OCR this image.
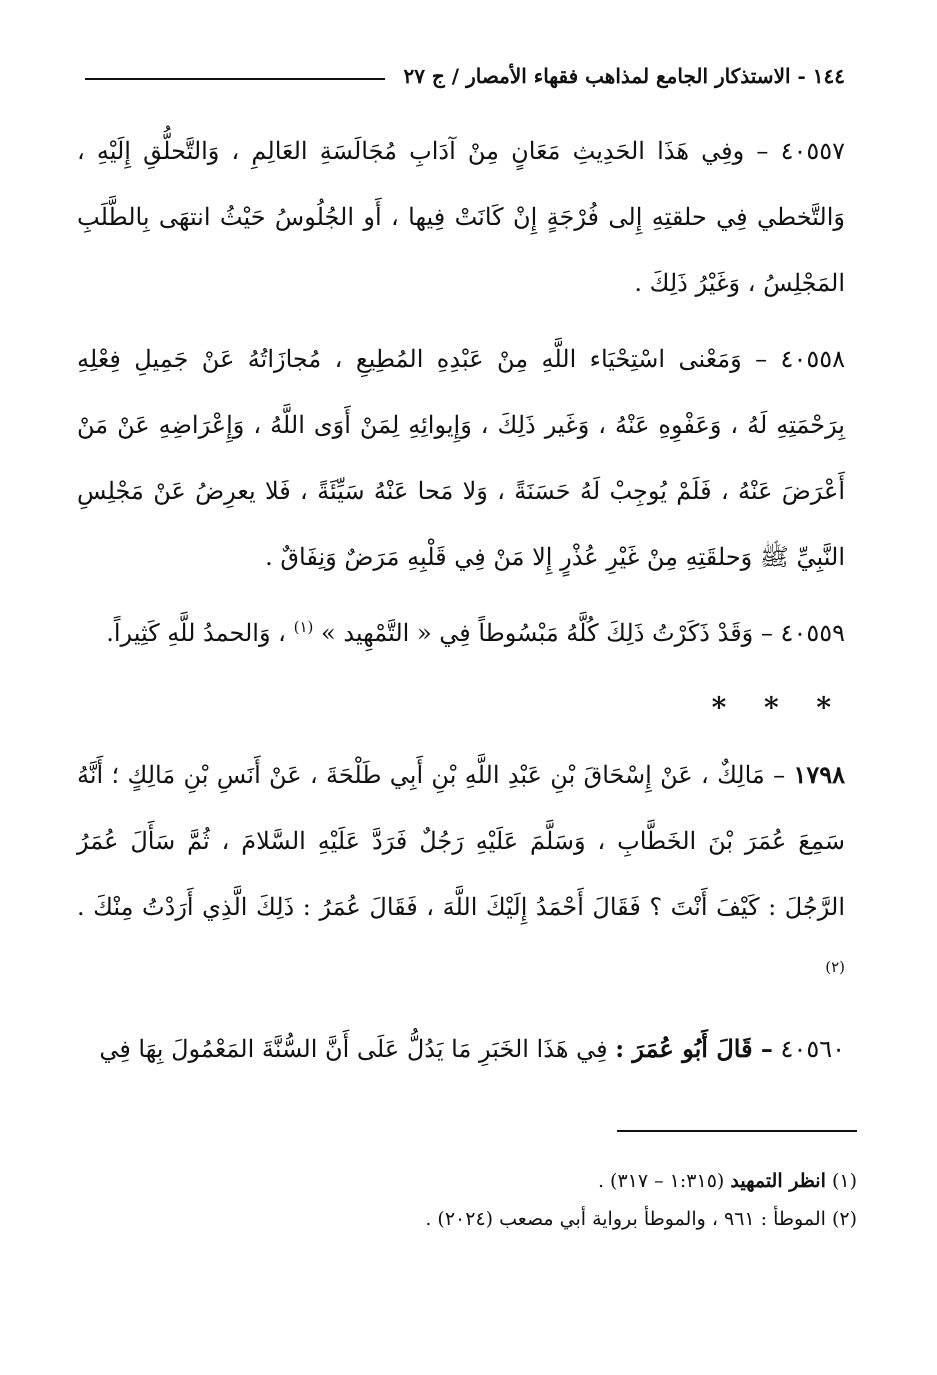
١٤٤ - الاستذكار الجامع لمذاهب فقهاء الأمصار / ج ٢٧

٤٠٥٥٧ – وفِي هَذَا الحَدِيثِ مَعَانٍ مِنْ آدَابِ مُجَالَسَةِ العَالِمِ ، وَالتَّحلُّقِ إِلَيْهِ ، وَالتَّخطي فِي حلقتِهِ إِلى فُرْجَةٍ إِنْ كَانَتْ فِيها ، أَو الجُلُوسُ حَيْثُ انتهَى بِالطَّلَبِ المَجْلِسُ ، وَغَيْرُ ذَلِكَ .

٤٠٥٥٨ – وَمَعْنى اسْتِحْيَاء اللَّهِ مِنْ عَبْدِهِ المُطِيعِ ، مُجازَاتُهُ عَنْ جَمِيلِ فِعْلِهِ بِرَحْمَتِهِ لَهُ ، وَعَفْوِهِ عَنْهُ ، وَغَير ذَلِكَ ، وَإِيوائِهِ لِمَنْ أَوَى اللَّهُ ، وَإِعْرَاضِهِ عَنْ مَنْ أَعْرَضَ عَنْهُ ، فَلَمْ يُوجِبْ لَهُ حَسَنَةً ، وَلا مَحا عَنْهُ سَيِّئَةً ، فَلا يعرِضُ عَنْ مَجْلِسِ النَّبِيِّ ﷺ وَحلقَتِهِ مِنْ غَيْرِ عُذْرٍ إِلا مَنْ فِي قَلْبِهِ مَرَضٌ وَنِفَاقٌ .

٤٠٥٥٩ – وَقَدْ ذَكَرْتُ ذَلِكَ كُلَّهُ مَبْسُوطاً فِي « التَّمْهِيد » $^{(١)}$ ، وَالحمدُ للَّهِ كَثِيراً.

* * *

١٧٩٨ – مَالِكٌ ، عَنْ إِسْحَاقَ بْنِ عَبْدِ اللَّهِ بْنِ أَبِي طَلْحَةَ ، عَنْ أَنَسِ بْنِ مَالِكٍ ؛ أَنَّهُ سَمِعَ عُمَرَ بْنَ الخَطَّابِ ، وَسَلَّمَ عَلَيْهِ رَجُلٌ فَرَدَّ عَلَيْهِ السَّلامَ ، ثُمَّ سَأَلَ عُمَرُ الرَّجُلَ : كَيْفَ أَنْتَ ؟ فَقَالَ أَحْمَدُ إِلَيْكَ اللَّهَ ، فَقَالَ عُمَرُ : ذَلِكَ الَّذِي أَرَدْتُ مِنْكَ . $^{(٢)}$

٤٠٥٦٠ – قَالَ أَبُو عُمَرَ : فِي هَذَا الخَبَرِ مَا يَدُلُّ عَلَى أَنَّ السُّنَّةَ المَعْمُولَ بِهَا فِي

(١) انظر التمهيد (١:٣١٥ – ٣١٧) .
(٢) الموطأ : ٩٦١ ، والموطأ برواية أبي مصعب (٢٠٢٤) .
